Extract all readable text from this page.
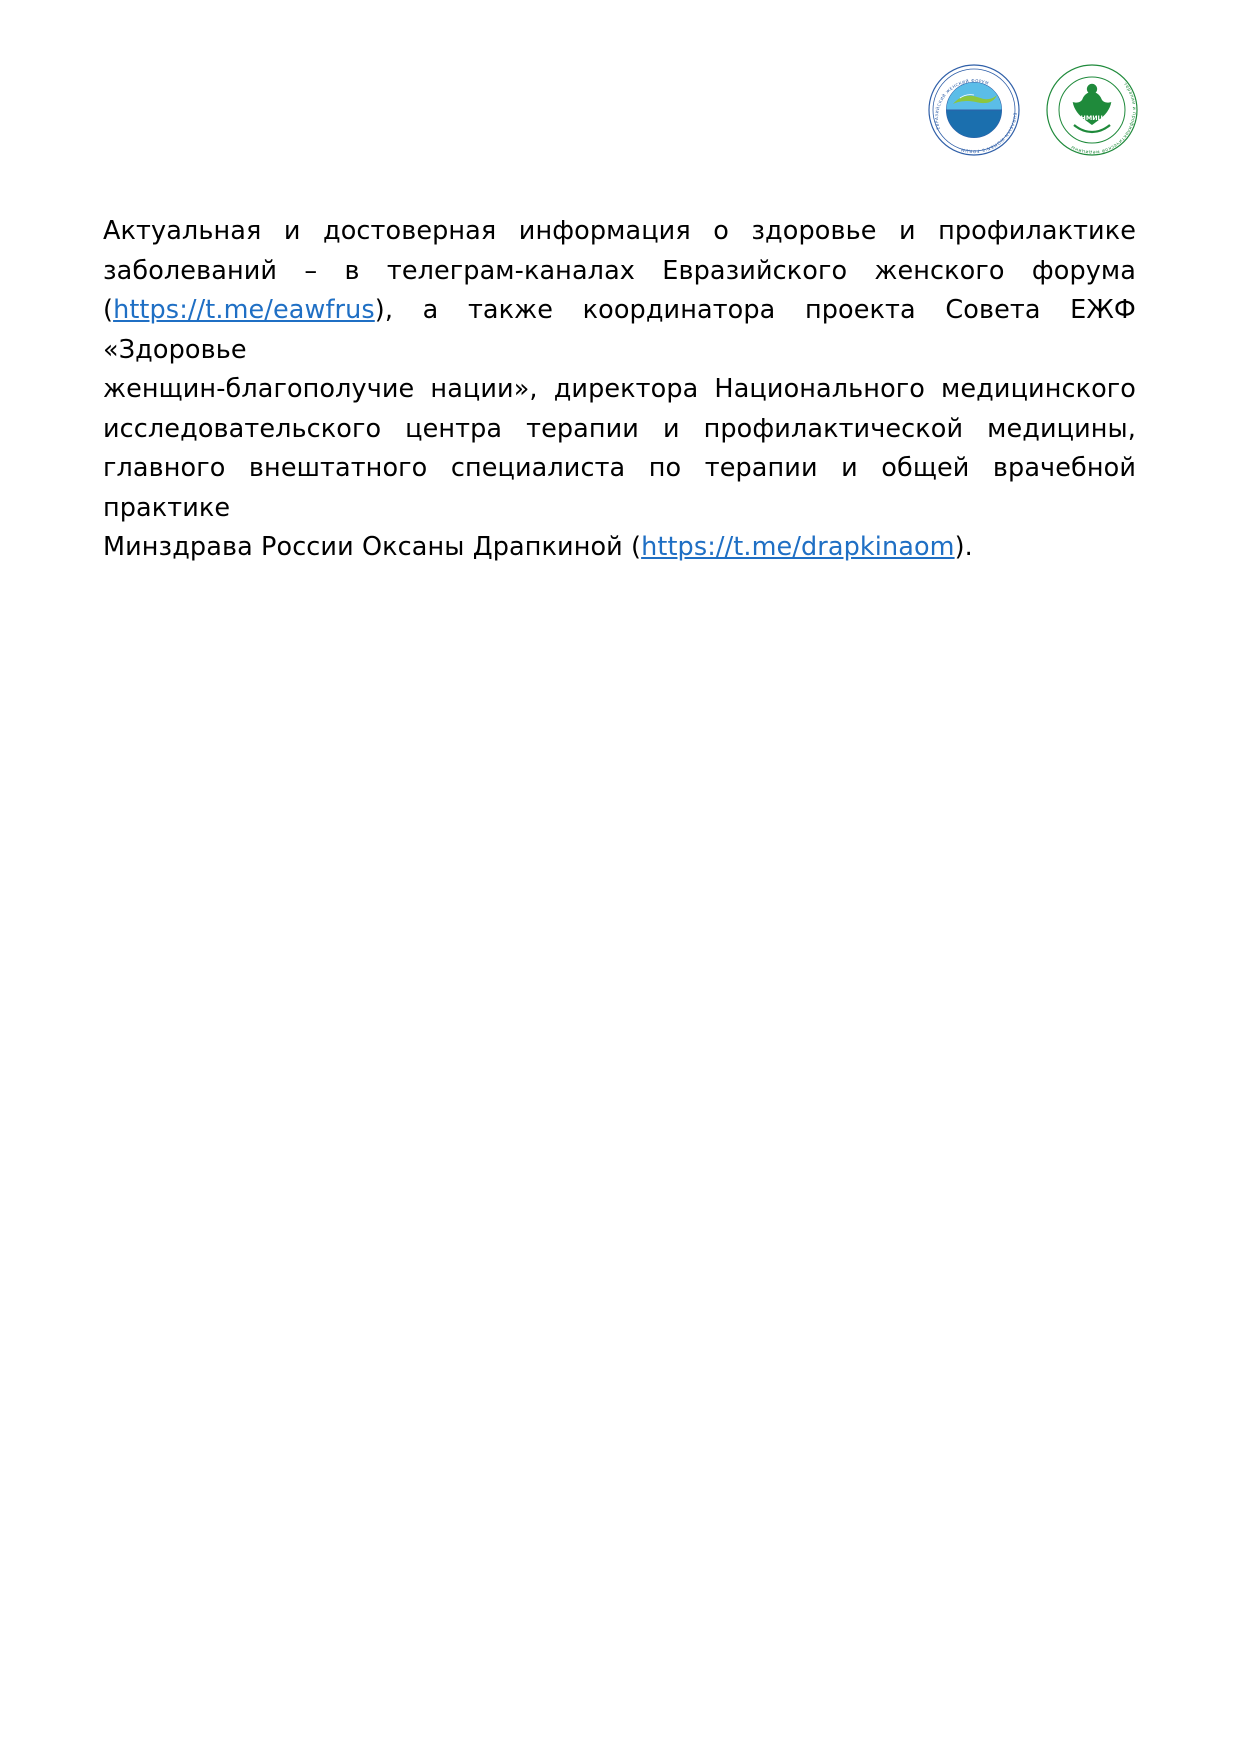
EURASIAN WOMEN'S FORUM
ЕВРАЗИЙСКИЙ ЖЕНСКИЙ ФОРУМ
НМИЦ
терапии и профилактической медицины

Актуальная и достоверная информация о здоровье и профилактике
заболеваний – в телеграм-каналах Евразийского женского форума
(https://t.me/eawfrus), а также координатора проекта Совета ЕЖФ «Здоровье
женщин-благополучие нации», директора Национального медицинского
исследовательского центра терапии и профилактической медицины,
главного внештатного специалиста по терапии и общей врачебной практике
Минздрава России Оксаны Драпкиной (https://t.me/drapkinaom).
